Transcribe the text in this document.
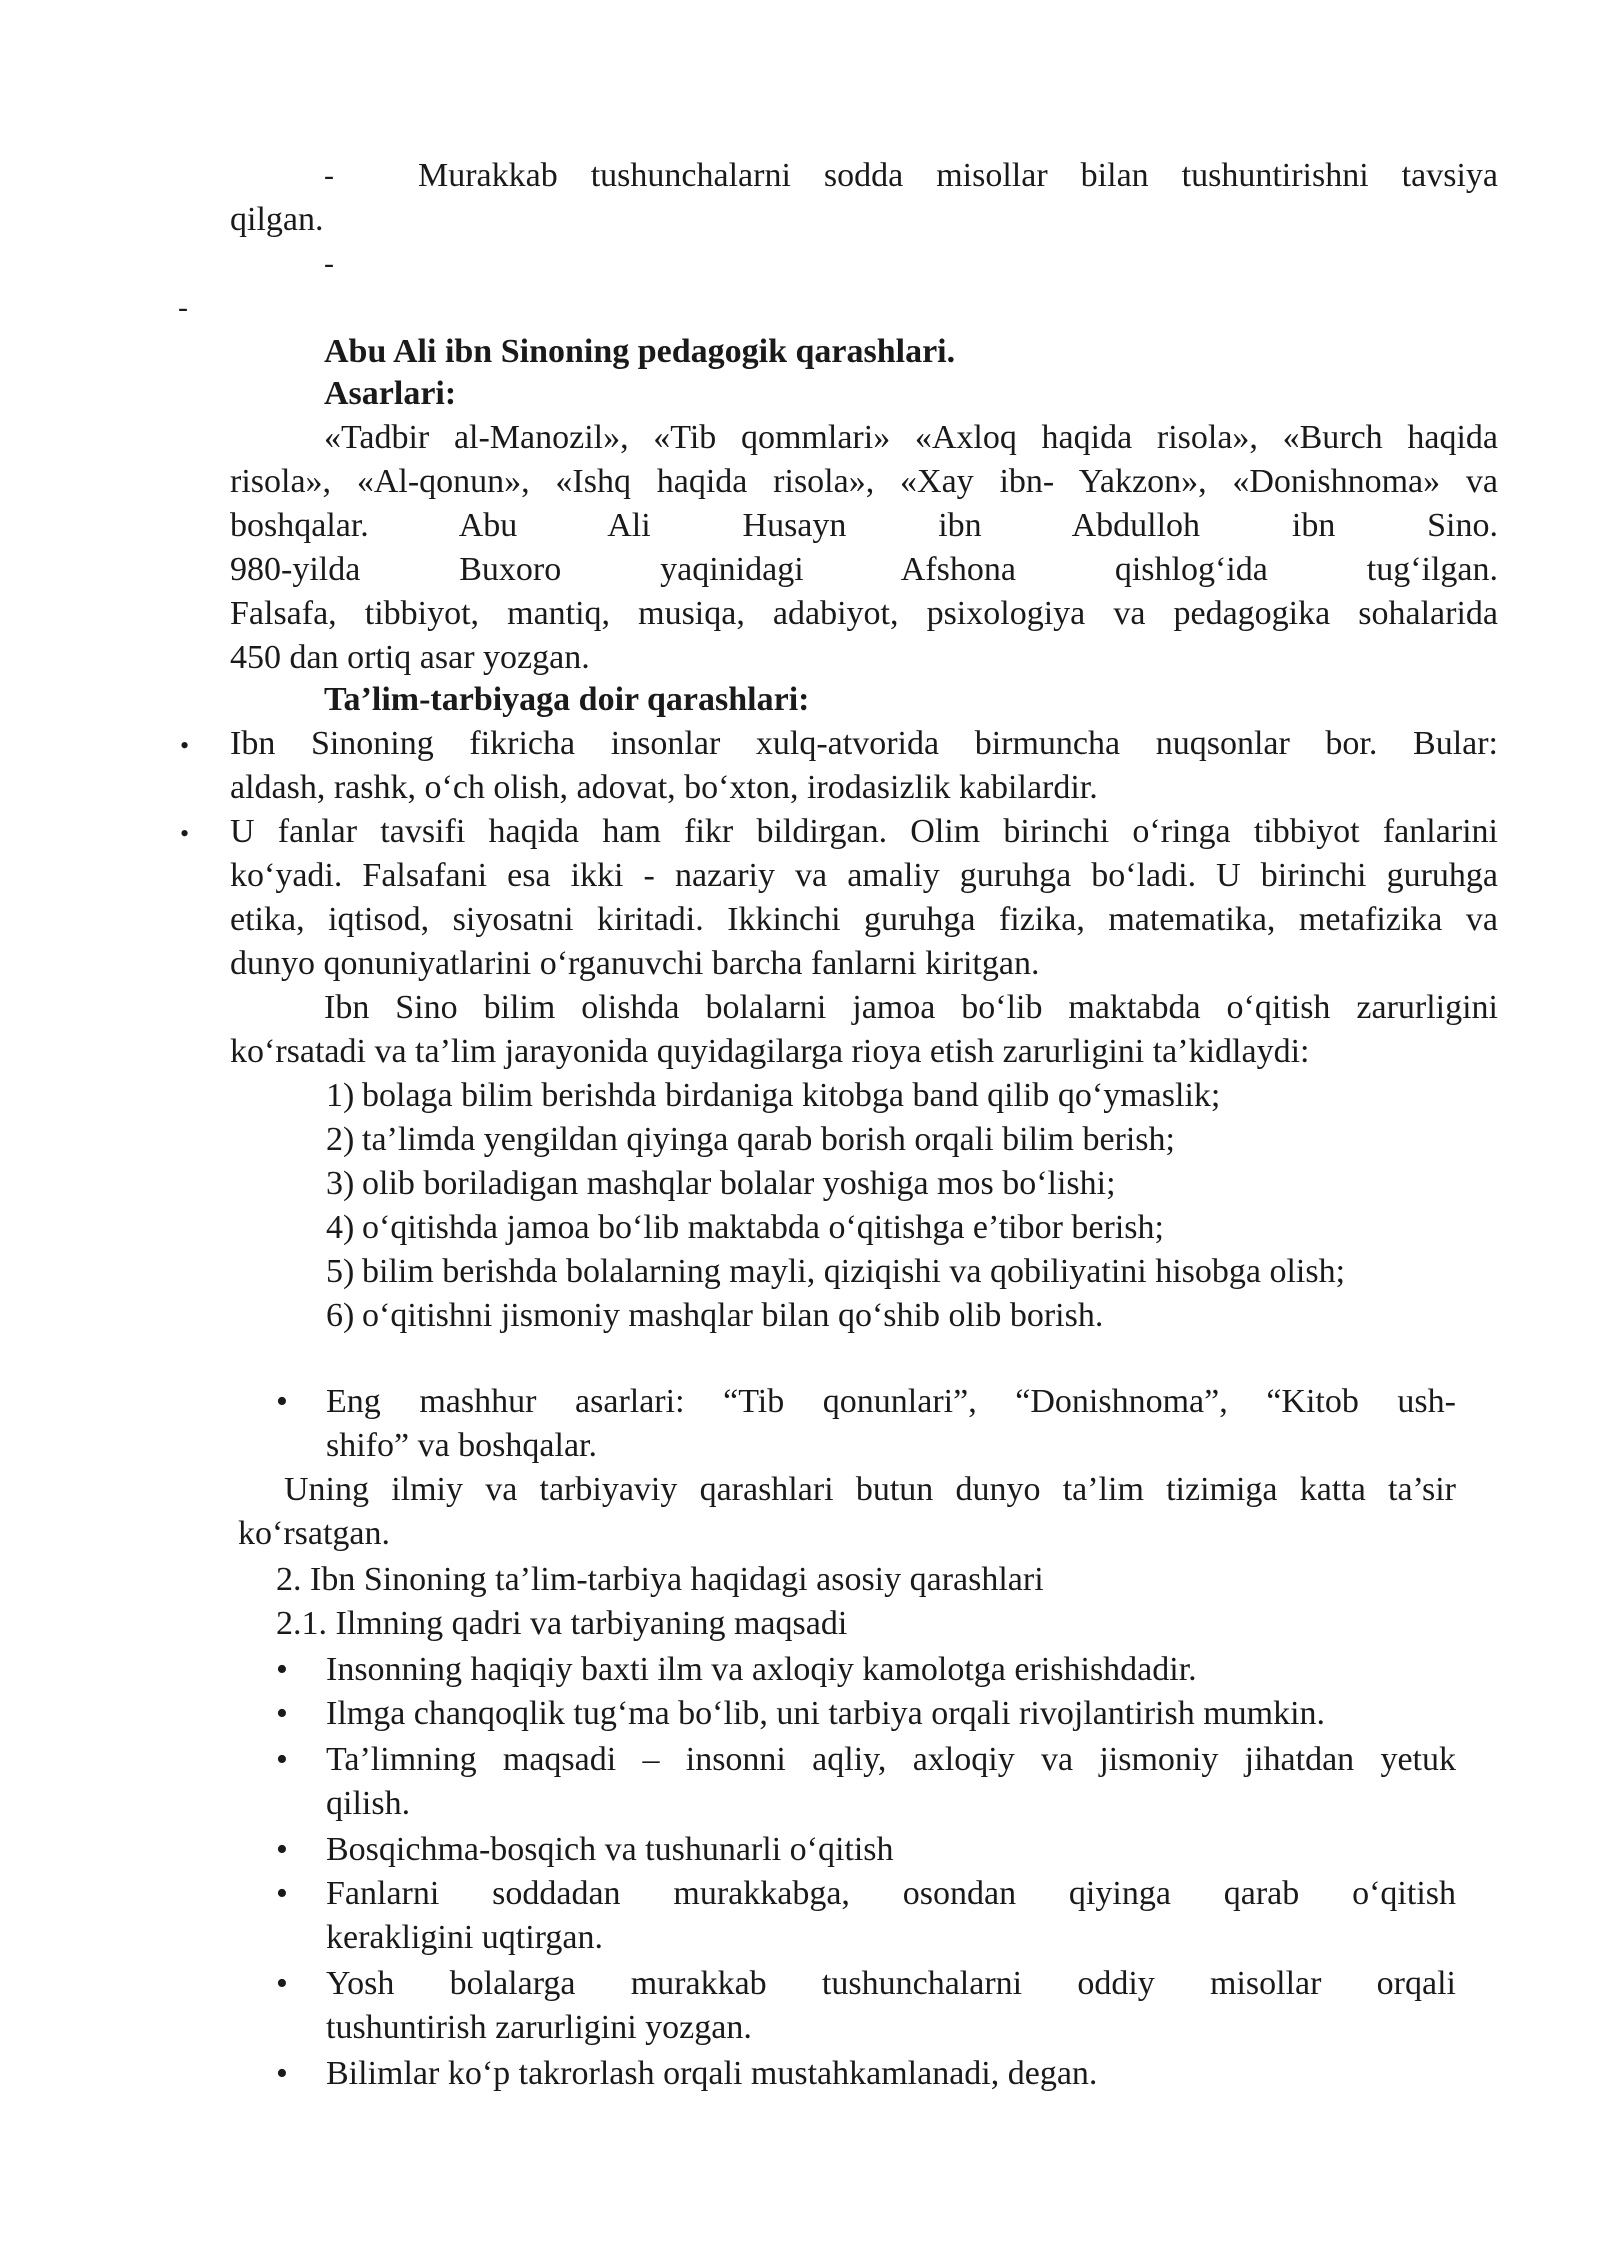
- Murakkab tushunchalarni sodda misollar bilan tushuntirishni tavsiya
qilgan.
-
-
Abu Ali ibn Sinoning pedagogik qarashlari.
Asarlari:
«Tadbir al-Manozil», «Tib qommlari» «Axloq haqida risola», «Burch haqida
risola», «Al-qonun», «Ishq haqida risola», «Xay ibn- Yakzon», «Donishnoma» va
boshqalar. Abu Ali Husayn ibn Abdulloh ibn Sino.
980-yilda Buxoro yaqinidagi Afshona qishlog‘ida tug‘ilgan.
Falsafa, tibbiyot, mantiq, musiqa, adabiyot, psixologiya va pedagogika sohalarida
450 dan ortiq asar yozgan.
Ta’lim-tarbiyaga doir qarashlari:
• Ibn Sinoning fikricha insonlar xulq-atvorida birmuncha nuqsonlar bor. Bular:
aldash, rashk, o‘ch olish, adovat, bo‘xton, irodasizlik kabilardir.
• U fanlar tavsifi haqida ham fikr bildirgan. Olim birinchi o‘ringa tibbiyot fanlarini
ko‘yadi. Falsafani esa ikki - nazariy va amaliy guruhga bo‘ladi. U birinchi guruhga
etika, iqtisod, siyosatni kiritadi. Ikkinchi guruhga fizika, matematika, metafizika va
dunyo qonuniyatlarini o‘rganuvchi barcha fanlarni kiritgan.
Ibn Sino bilim olishda bolalarni jamoa bo‘lib maktabda o‘qitish zarurligini
ko‘rsatadi va ta’lim jarayonida quyidagilarga rioya etish zarurligini ta’kidlaydi:
1) bolaga bilim berishda birdaniga kitobga band qilib qo‘ymaslik;
2) ta’limda yengildan qiyinga qarab borish orqali bilim berish;
3) olib boriladigan mashqlar bolalar yoshiga mos bo‘lishi;
4) o‘qitishda jamoa bo‘lib maktabda o‘qitishga e’tibor berish;
5) bilim berishda bolalarning mayli, qiziqishi va qobiliyatini hisobga olish;
6) o‘qitishni jismoniy mashqlar bilan qo‘shib olib borish.
• Eng mashhur asarlari: “Tib qonunlari”, “Donishnoma”, “Kitob ush-
shifo” va boshqalar.
Uning ilmiy va tarbiyaviy qarashlari butun dunyo ta’lim tizimiga katta ta’sir
ko‘rsatgan.
2. Ibn Sinoning ta’lim-tarbiya haqidagi asosiy qarashlari
2.1. Ilmning qadri va tarbiyaning maqsadi
• Insonning haqiqiy baxti ilm va axloqiy kamolotga erishishdadir.
• Ilmga chanqoqlik tug‘ma bo‘lib, uni tarbiya orqali rivojlantirish mumkin.
• Ta’limning maqsadi – insonni aqliy, axloqiy va jismoniy jihatdan yetuk
qilish.
• Bosqichma-bosqich va tushunarli o‘qitish
• Fanlarni soddadan murakkabga, osondan qiyinga qarab o‘qitish
kerakligini uqtirgan.
• Yosh bolalarga murakkab tushunchalarni oddiy misollar orqali
tushuntirish zarurligini yozgan.
• Bilimlar ko‘p takrorlash orqali mustahkamlanadi, degan.
